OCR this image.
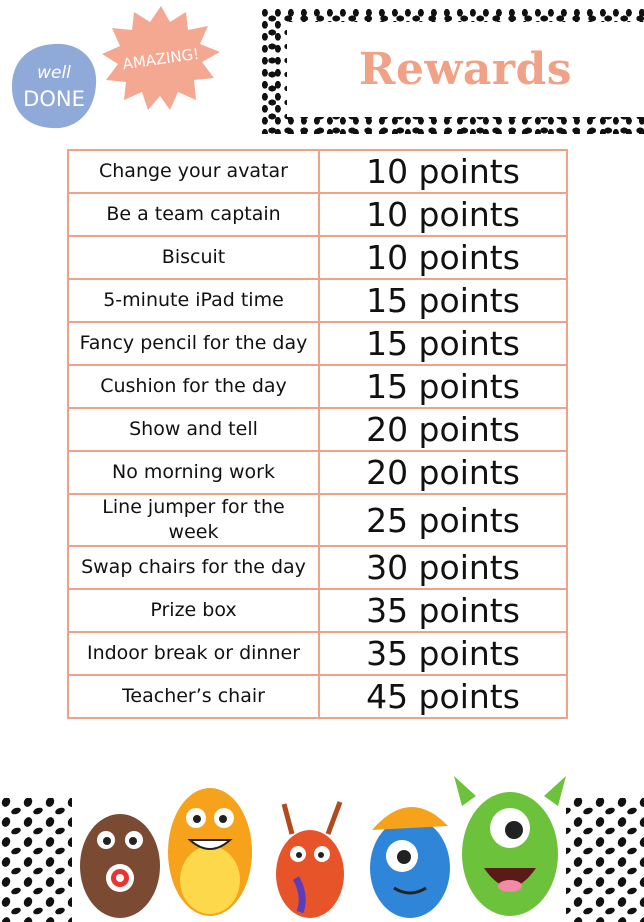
Rewards
well
DONE
AMAZING!
Change your avatar	10 points
Be a team captain	10 points
Biscuit	10 points
5-minute iPad time	15 points
Fancy pencil for the day	15 points
Cushion for the day	15 points
Show and tell	20 points
No morning work	20 points
Line jumper for the week	25 points
Swap chairs for the day	30 points
Prize box	35 points
Indoor break or dinner	35 points
Teacher’s chair	45 points
